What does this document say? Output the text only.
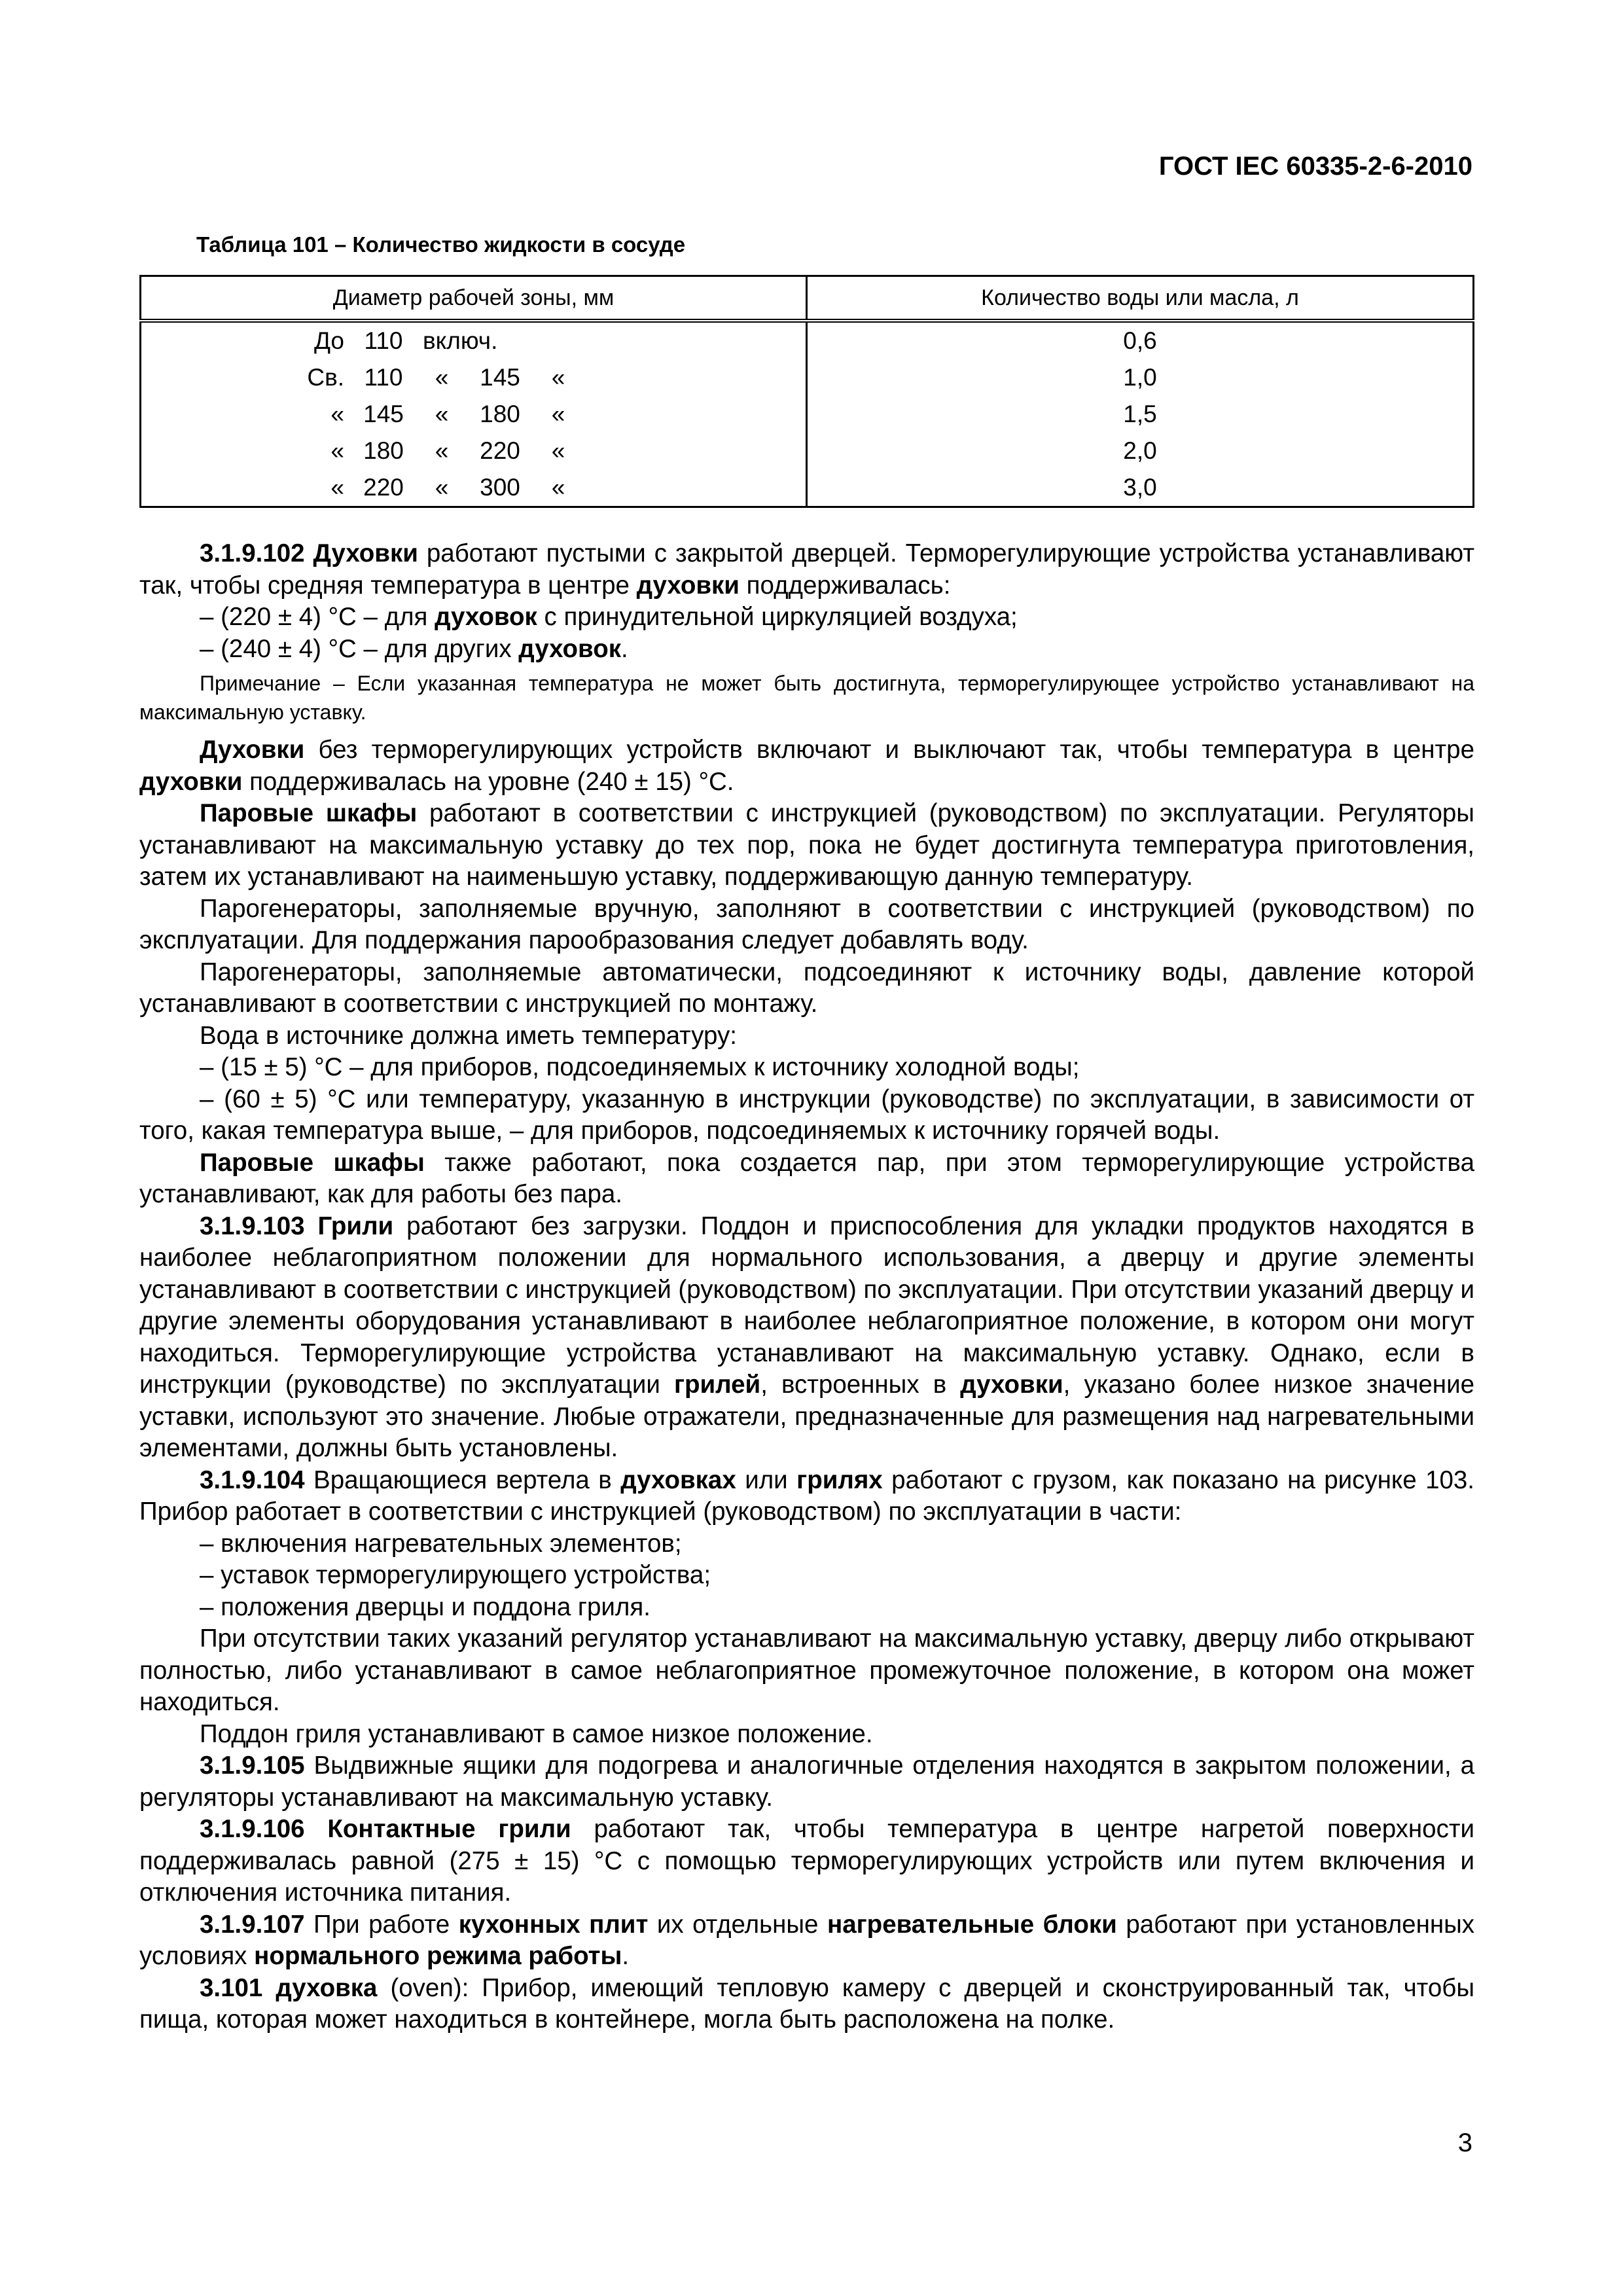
ГОСТ IEC 60335-2-6-2010
Таблица 101 – Количество жидкости в сосуде
Диаметр рабочей зоны, мм	Количество воды или масла, л
До 110 включ.	0,6
Св. 110 « 145 «	1,0
« 145 « 180 «	1,5
« 180 « 220 «	2,0
« 220 « 300 «	3,0

3.1.9.102 Духовки работают пустыми с закрытой дверцей. Терморегулирующие устройства устанавливают так, чтобы средняя температура в центре духовки поддерживалась:

– (220 ± 4) °С – для духовок с принудительной циркуляцией воздуха;

– (240 ± 4) °С – для других духовок.

Примечание – Если указанная температура не может быть достигнута, терморегулирующее устройство устанавливают на максимальную уставку.

Духовки без терморегулирующих устройств включают и выключают так, чтобы температура в центре духовки поддерживалась на уровне (240 ± 15) °С.

Паровые шкафы работают в соответствии с инструкцией (руководством) по эксплуатации. Регуляторы устанавливают на максимальную уставку до тех пор, пока не будет достигнута температура приготовления, затем их устанавливают на наименьшую уставку, поддерживающую данную температуру.

Парогенераторы, заполняемые вручную, заполняют в соответствии с инструкцией (руководством) по эксплуатации. Для поддержания парообразования следует добавлять воду.

Парогенераторы, заполняемые автоматически, подсоединяют к источнику воды, давление которой устанавливают в соответствии с инструкцией по монтажу.

Вода в источнике должна иметь температуру:

– (15 ± 5) °С – для приборов, подсоединяемых к источнику холодной воды;

– (60 ± 5) °С или температуру, указанную в инструкции (руководстве) по эксплуатации, в зависимости от того, какая температура выше, – для приборов, подсоединяемых к источнику горячей воды.

Паровые шкафы также работают, пока создается пар, при этом терморегулирующие устройства устанавливают, как для работы без пара.

3.1.9.103 Грили работают без загрузки. Поддон и приспособления для укладки продуктов находятся в наиболее неблагоприятном положении для нормального использования, а дверцу и другие элементы устанавливают в соответствии с инструкцией (руководством) по эксплуатации. При отсутствии указаний дверцу и другие элементы оборудования устанавливают в наиболее неблагоприятное положение, в котором они могут находиться. Терморегулирующие устройства устанавливают на максимальную уставку. Однако, если в инструкции (руководстве) по эксплуатации грилей, встроенных в духовки, указано более низкое значение уставки, используют это значение. Любые отражатели, предназначенные для размещения над нагревательными элементами, должны быть установлены.

3.1.9.104 Вращающиеся вертела в духовках или грилях работают с грузом, как показано на рисунке 103. Прибор работает в соответствии с инструкцией (руководством) по эксплуатации в части:

– включения нагревательных элементов;

– уставок терморегулирующего устройства;

– положения дверцы и поддона гриля.

При отсутствии таких указаний регулятор устанавливают на максимальную уставку, дверцу либо открывают полностью, либо устанавливают в самое неблагоприятное промежуточное положение, в котором она может находиться.

Поддон гриля устанавливают в самое низкое положение.

3.1.9.105 Выдвижные ящики для подогрева и аналогичные отделения находятся в закрытом положении, а регуляторы устанавливают на максимальную уставку.

3.1.9.106 Контактные грили работают так, чтобы температура в центре нагретой поверхности поддерживалась равной (275 ± 15) °С с помощью терморегулирующих устройств или путем включения и отключения источника питания.

3.1.9.107 При работе кухонных плит их отдельные нагревательные блоки работают при установленных условиях нормального режима работы.

3.101 духовка (oven): Прибор, имеющий тепловую камеру с дверцей и сконструированный так, чтобы пища, которая может находиться в контейнере, могла быть расположена на полке.

3
